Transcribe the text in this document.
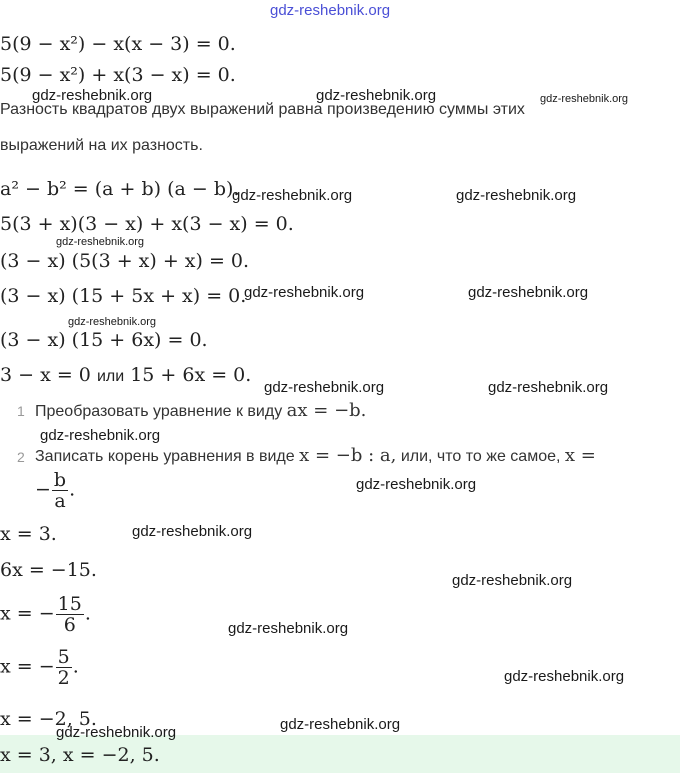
gdz-reshebnik.org
5(9 − x²) − x(x − 3) = 0.
5(9 − x²) + x(3 − x) = 0.
gdz-reshebnik.org	gdz-reshebnik.org	gdz-reshebnik.org
Разность квадратов двух выражений равна произведению суммы этих
выражений на их разность.
a² − b² = (a + b) (a − b).
gdz-reshebnik.org	gdz-reshebnik.org
5(3 + x)(3 − x) + x(3 − x) = 0.
gdz-reshebnik.org
(3 − x) (5(3 + x) + x) = 0.
(3 − x) (15 + 5x + x) = 0.
gdz-reshebnik.org	gdz-reshebnik.org
gdz-reshebnik.org
(3 − x) (15 + 6x) = 0.
3 − x = 0 или 15 + 6x = 0.
gdz-reshebnik.org	gdz-reshebnik.org
1 Преобразовать уравнение к виду ax = −b.
gdz-reshebnik.org
2 Записать корень уравнения в виде x = −b : a, или, что то же самое, x =
− $\frac{b}{a}$ .	gdz-reshebnik.org
x = 3.	gdz-reshebnik.org
6x = −15.	gdz-reshebnik.org
x = − $\frac{15}{6}$ .
gdz-reshebnik.org
x = − $\frac{5}{2}$ .	gdz-reshebnik.org
x = −2, 5.	gdz-reshebnik.org
gdz-reshebnik.org
x = 3, x = −2, 5.
